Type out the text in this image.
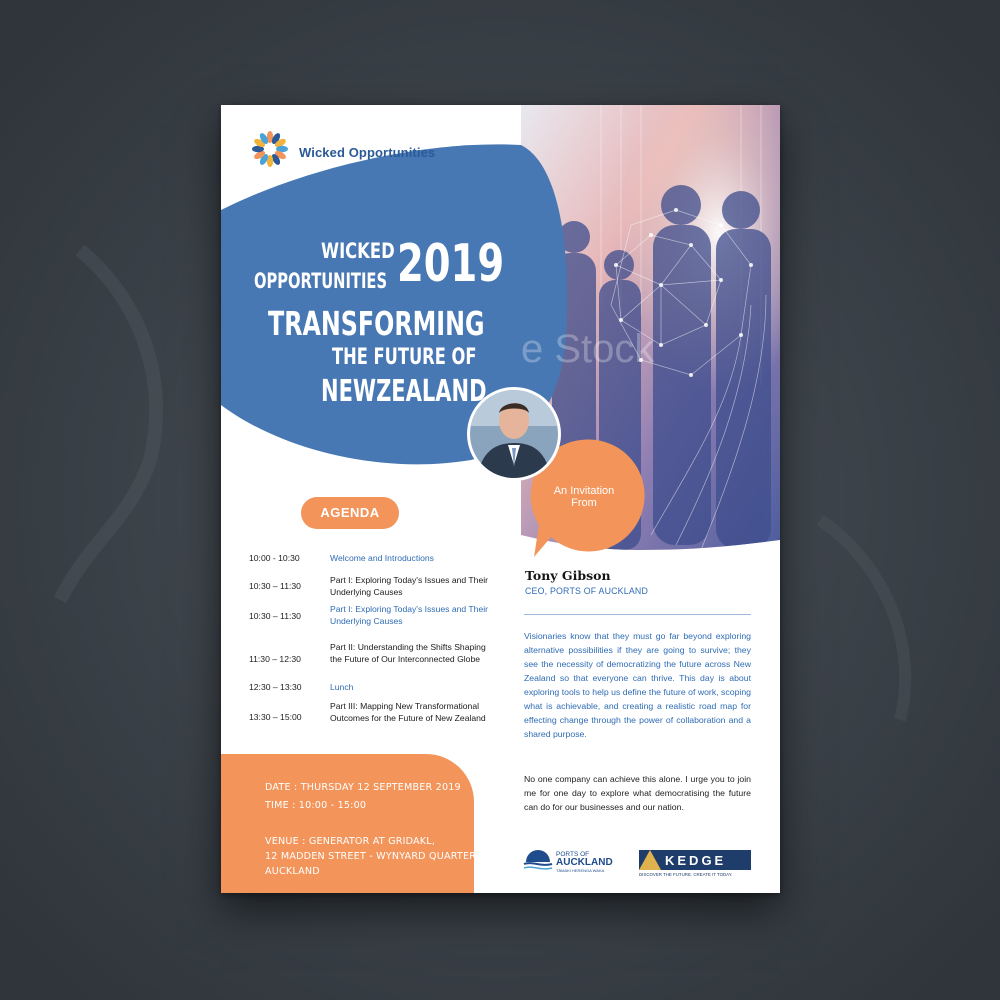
Wicked Opportunities
e Stock
WICKED
OPPORTUNITIES 2019
TRANSFORMING
THE FUTURE OF
NEWZEALAND
An Invitation
From
AGENDA
10:00 - 10:30	Welcome and Introductions
10:30 – 11:30
Part I: Exploring Today's Issues and Their Underlying Causes
10:30 – 11:30
Part I: Exploring Today's Issues and Their Underlying Causes
11:30 – 12:30
Part II: Understanding the Shifts Shaping the Future of Our Interconnected Globe
12:30 – 13:30	Lunch
13:30 – 15:00
Part III: Mapping New Transformational Outcomes for the Future of New Zealand
DATE : THURSDAY 12 SEPTEMBER 2019
TIME : 10:00 - 15:00
VENUE : GENERATOR AT GRIDAKL,
12 MADDEN STREET - WYNYARD QUARTER,
AUCKLAND
Tony Gibson
CEO, PORTS OF AUCKLAND
Visionaries know that they must go far beyond exploring alternative possibilities if they are going to survive; they see the necessity of democratizing the future across New Zealand so that everyone can thrive. This day is about exploring tools to help us define the future of work, scoping what is achievable, and creating a realistic road map for effecting change through the power of collaboration and a shared purpose.
No one company can achieve this alone. I urge you to join me for one day to explore what democratising the future can do for our businesses and our nation.
PORTS OF
AUCKLAND
TĀMAKI HERENGA WAKA
KEDGE
DISCOVER THE FUTURE. CREATE IT TODAY.
